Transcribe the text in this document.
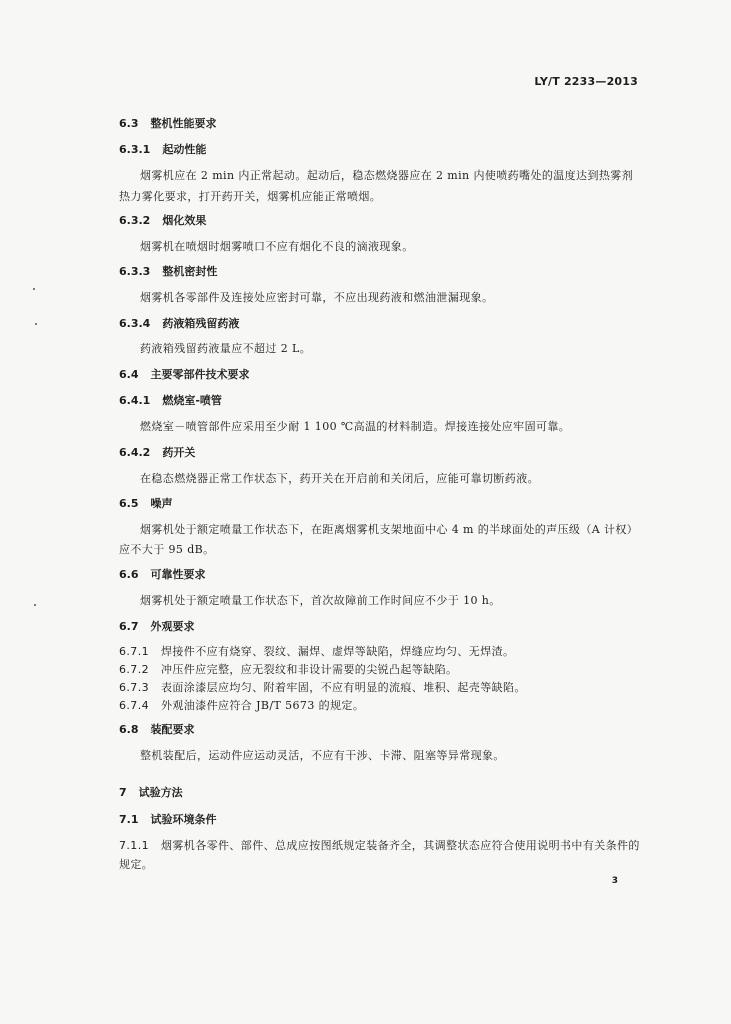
LY/T 2233—2013
6.3 整机性能要求
6.3.1 起动性能
烟雾机应在 2 min 内正常起动。起动后，稳态燃烧器应在 2 min 内使喷药嘴处的温度达到热雾剂
热力雾化要求，打开药开关，烟雾机应能正常喷烟。
6.3.2 烟化效果
烟雾机在喷烟时烟雾喷口不应有烟化不良的滴液现象。
6.3.3 整机密封性
烟雾机各零部件及连接处应密封可靠，不应出现药液和燃油泄漏现象。
6.3.4 药液箱残留药液
药液箱残留药液量应不超过 2 L。
6.4 主要零部件技术要求
6.4.1 燃烧室-喷管
燃烧室－喷管部件应采用至少耐 1 100 ℃高温的材料制造。焊接连接处应牢固可靠。
6.4.2 药开关
在稳态燃烧器正常工作状态下，药开关在开启前和关闭后，应能可靠切断药液。
6.5 噪声
烟雾机处于额定喷量工作状态下，在距离烟雾机支架地面中心 4 m 的半球面处的声压级（A 计权）
应不大于 95 dB。
6.6 可靠性要求
烟雾机处于额定喷量工作状态下，首次故障前工作时间应不少于 10 h。
6.7 外观要求
6.7.1 焊接件不应有烧穿、裂纹、漏焊、虚焊等缺陷，焊缝应均匀、无焊渣。
6.7.2 冲压件应完整，应无裂纹和非设计需要的尖锐凸起等缺陷。
6.7.3 表面涂漆层应均匀、附着牢固，不应有明显的流痕、堆积、起壳等缺陷。
6.7.4 外观油漆件应符合 JB/T 5673 的规定。
6.8 装配要求
整机装配后，运动件应运动灵活，不应有干涉、卡滞、阻塞等异常现象。
7 试验方法
7.1 试验环境条件
7.1.1 烟雾机各零件、部件、总成应按图纸规定装备齐全，其调整状态应符合使用说明书中有关条件的
规定。
3
